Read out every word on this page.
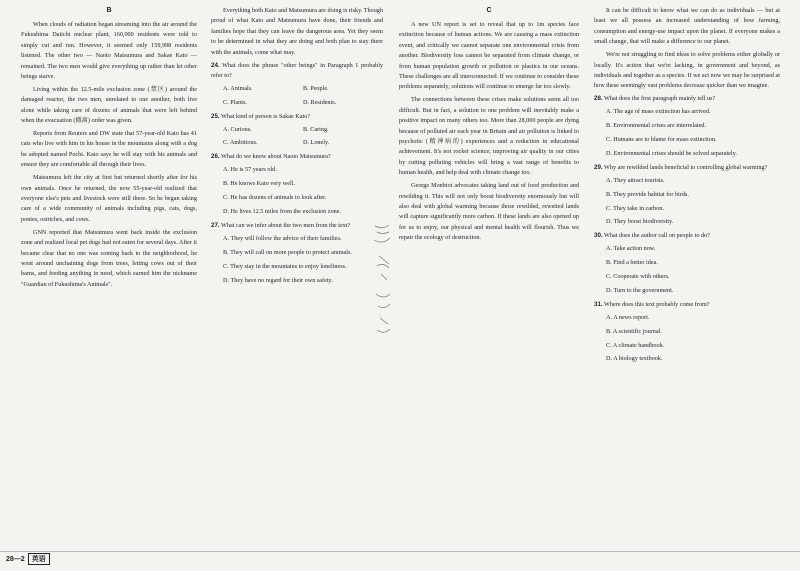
B

When clouds of radiation began streaming into the air around the Fukushima Daiichi nuclear plant, 160,000 residents were told to simply cut and run. However, it seemed only 159,998 residents listened. The other two — Naoto Matsumura and Sakae Kato — remained. The two men would give everything up rather than let other beings starve.

Living within the 12.5-mile exclusion zone (禁区) around the damaged reactor, the two men, unrelated to one another, both live alone while taking care of dozens of animals that were left behind when the evacuation (撤离) order was given.

Reports from Reuters and DW state that 57-year-old Kato has 41 cats who live with him in his house in the mountains along with a dog he adopted named Pochi. Kato says he will stay with his animals and ensure they are comfortable all through their lives.

Matsumura left the city at first but returned shortly after for his own animals. Once he returned, the now 55-year-old realized that everyone else's pets and livestock were still there. So he began taking care of a wide community of animals including pigs, cats, dogs, ponies, ostriches, and cows.

GNN reported that Matsumura went back inside the exclusion zone and realized local pet dogs had not eaten for several days. After it became clear that no one was coming back to the neighborhood, he went around unchaining dogs from trees, letting cows out of their barns, and feeding anything in need, which earned him the nickname "Guardian of Fukushima's Animals".

Everything both Kato and Matsumura are doing is risky. Though proud of what Kato and Matsumura have done, their friends and families hope that they can leave the dangerous area. Yet they seem to be determined in what they are doing and both plan to stay there with the animals, come what may.

24. What does the phrase "other beings" in Paragraph 1 probably refer to?
A. Animals.	B. People.
C. Plants.	D. Residents.
25. What kind of person is Sakae Kato?
A. Curious.	B. Caring.
C. Ambitious.	D. Lonely.
26. What do we know about Naoto Matsumura?
A. He is 57 years old.
B. He knows Kato very well.
C. He has dozens of animals to look after.
D. He lives 12.5 miles from the exclusion zone.
27. What can we infer about the two men from the text?
A. They will follow the advice of their families.
B. They will call on more people to protect animals.
C. They stay in the mountains to enjoy loneliness.
D. They have no regard for their own safety.
C

A new UN report is set to reveal that up to 1m species face extinction because of human actions. We are causing a mass extinction event, and critically we cannot separate one environmental crisis from another. Biodiversity loss cannot be separated from climate change, or from human population growth or pollution or plastics in our oceans. These challenges are all interconnected. If we continue to consider these problems separately, solutions will continue to emerge far too slowly.

The connections between these crises make solutions seem all too difficult. But in fact, a solution to one problem will inevitably make a positive impact on many others too. More than 28,000 people are dying because of polluted air each year in Britain and air pollution is linked to psychotic (精神病的) experiences and a reduction in educational achievement. It's not rocket science; improving air quality in our cities by cutting polluting vehicles will bring a vast range of benefits to human health, and help deal with climate change too.

George Monbiot advocates taking land out of food production and rewilding it. This will not only boost biodiversity enormously but will also deal with global warming because those rewilded, rewetted lands will capture significantly more carbon. If these lands are also opened up for us to enjoy, our physical and mental health will flourish. Thus we repair the ecology of destruction.

It can be difficult to know what we can do as individuals — but at least we all possess an increased understanding of how farming, consumption and energy-use impact upon the planet. If everyone makes a small change, that will make a difference to our planet.

We're not struggling to find ideas to solve problems either globally or locally. It's action that we're lacking, in government and beyond, as individuals and together as a species. If we act now we may be surprised at how these seemingly vast problems decrease quicker than we imagine.

28. What does the first paragraph mainly tell us?
A. The age of mass extinction has arrived.
B. Environmental crises are interrelated.
C. Humans are to blame for mass extinction.
D. Environmental crises should be solved separately.
29. Why are rewilded lands beneficial to controlling global warming?
A. They attract tourists.
B. They provide habitat for birds.
C. They take in carbon.
D. They boost biodiversity.
30. What does the author call on people to do?
A. Take action now.
B. Find a better idea.
C. Cooperate with others.
D. Turn to the government.
31. Where does this text probably come from?
A. A news report.
B. A scientific journal.
C. A climate handbook.
D. A biology textbook.
28—2 英语
